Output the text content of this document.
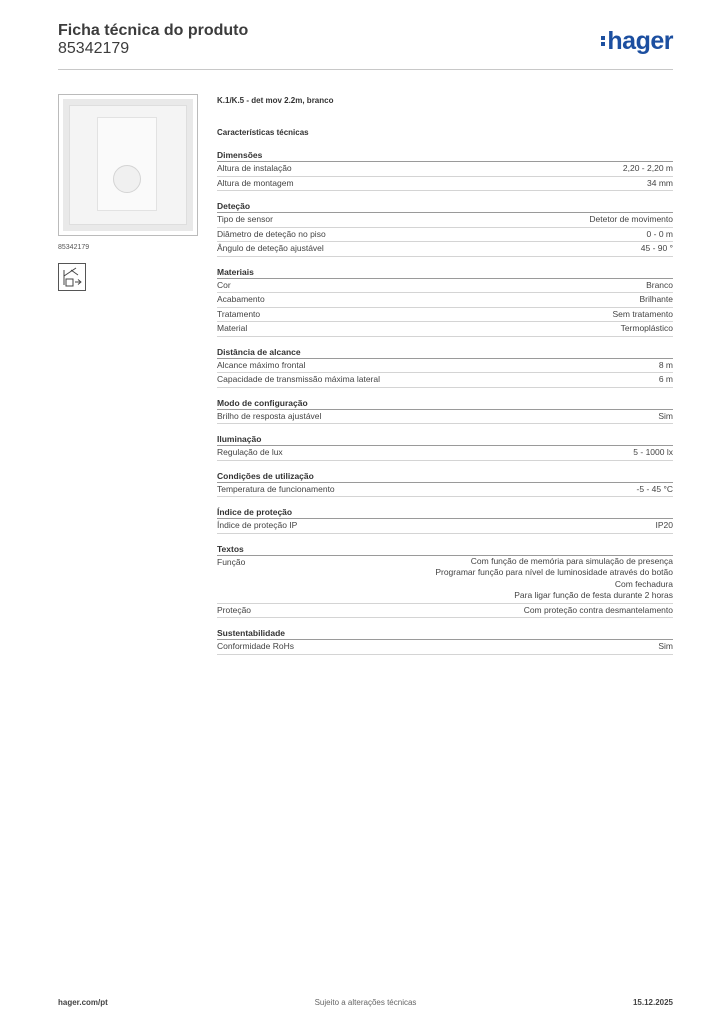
Ficha técnica do produto
85342179	hager
85342179
K.1/K.5 - det mov 2.2m, branco
Características técnicas
Dimensões
Altura de instalação	2,20 - 2,20 m
Altura de montagem	34 mm
Deteção
Tipo de sensor	Detetor de movimento
Diâmetro de deteção no piso	0 - 0 m
Ângulo de deteção ajustável	45 - 90 °
Materiais
Cor	Branco
Acabamento	Brilhante
Tratamento	Sem tratamento
Material	Termoplástico
Distância de alcance
Alcance máximo frontal	8 m
Capacidade de transmissão máxima lateral	6 m
Modo de configuração
Brilho de resposta ajustável	Sim
Iluminação
Regulação de lux	5 - 1000 lx
Condições de utilização
Temperatura de funcionamento	-5 - 45 °C
Índice de proteção
Índice de proteção IP	IP20
Textos
Função	Com função de memória para simulação de presença
Programar função para nível de luminosidade através do botão
Com fechadura
Para ligar função de festa durante 2 horas
Proteção	Com proteção contra desmantelamento
Sustentabilidade
Conformidade RoHs	Sim
hager.com/pt	Sujeito a alterações técnicas	15.12.2025
